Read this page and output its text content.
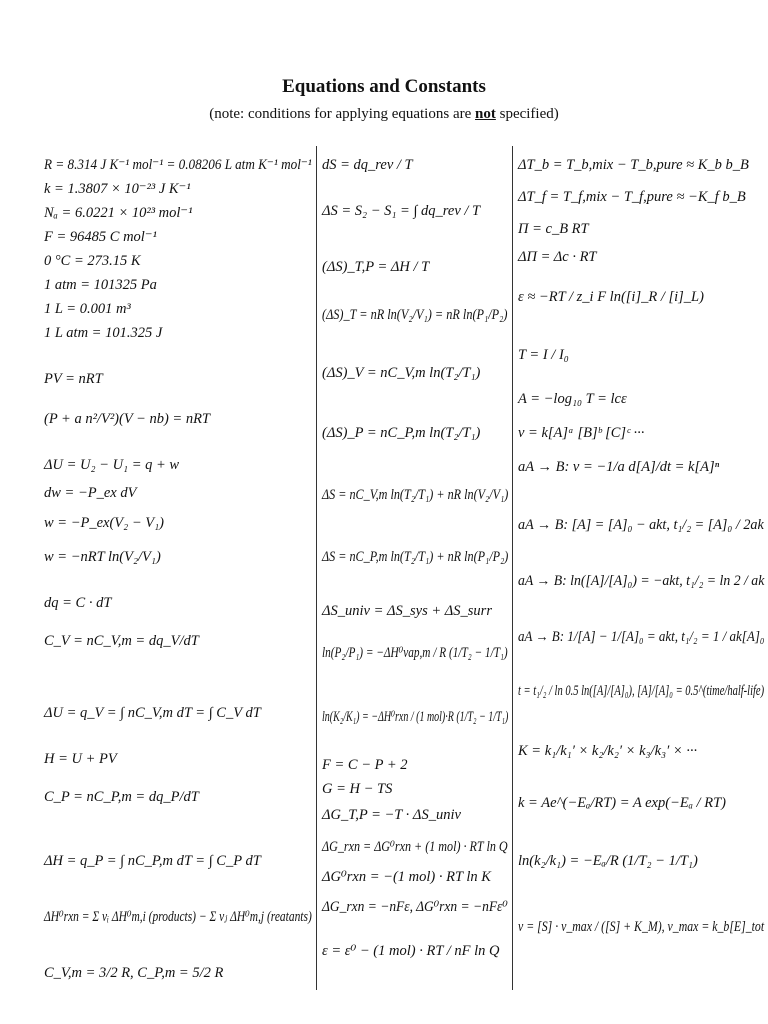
Equations and Constants
(note: conditions for applying equations are not specified)
R = 8.314 J K⁻¹ mol⁻¹ = 0.08206 L atm K⁻¹ mol⁻¹
k = 1.3807 × 10⁻²³ J K⁻¹
Nₐ = 6.0221 × 10²³ mol⁻¹
F = 96485 C mol⁻¹
0 °C = 273.15 K
1 atm = 101325 Pa
1 L = 0.001 m³
1 L atm = 101.325 J
PV = nRT
(P + a n²/V²)(V − nb) = nRT
ΔU = U₂ − U₁ = q + w
dw = −P_ex dV
w = −P_ex(V₂ − V₁)
w = −nRT ln(V₂/V₁)
dq = C · dT
C_V = nC_V,m = dq_V/dT
ΔU = q_V = ∫ nC_V,m dT = ∫ C_V dT
H = U + PV
C_P = nC_P,m = dq_P/dT
ΔH = q_P = ∫ nC_P,m dT = ∫ C_P dT
ΔH⁰rxn = Σ νᵢ ΔH⁰m,i (products) − Σ νⱼ ΔH⁰m,j (reatants)
C_V,m = 3/2 R, C_P,m = 5/2 R
dS = dq_rev / T
ΔS = S₂ − S₁ = ∫ dq_rev / T
(ΔS)_T,P = ΔH / T
(ΔS)_T = nR ln(V₂/V₁) = nR ln(P₁/P₂)
(ΔS)_V = nC_V,m ln(T₂/T₁)
(ΔS)_P = nC_P,m ln(T₂/T₁)
ΔS = nC_V,m ln(T₂/T₁) + nR ln(V₂/V₁)
ΔS = nC_P,m ln(T₂/T₁) + nR ln(P₁/P₂)
ΔS_univ = ΔS_sys + ΔS_surr
ln(P₂/P₁) = −ΔH⁰vap,m / R (1/T₂ − 1/T₁)
ln(K₂/K₁) = −ΔH⁰rxn / (1 mol)·R (1/T₂ − 1/T₁)
F = C − P + 2
G = H − TS
ΔG_T,P = −T · ΔS_univ
ΔG_rxn = ΔG⁰rxn + (1 mol) · RT ln Q
ΔG⁰rxn = −(1 mol) · RT ln K
ΔG_rxn = −nFε, ΔG⁰rxn = −nFε⁰
ε = ε⁰ − (1 mol) · RT / nF ln Q
ΔT_b = T_b,mix − T_b,pure ≈ K_b b_B
ΔT_f = T_f,mix − T_f,pure ≈ −K_f b_B
Π = c_B RT
ΔΠ = Δc · RT
ε ≈ −RT / z_i F ln([i]_R / [i]_L)
T = I / I₀
A = −log₁₀ T = lcε
ν = k[A]ᵃ [B]ᵇ [C]ᶜ ···
aA → B: ν = −1/a d[A]/dt = k[A]ⁿ
aA → B: [A] = [A]₀ − akt, t₁/₂ = [A]₀ / 2ak
aA → B: ln([A]/[A]₀) = −akt, t₁/₂ = ln 2 / ak
aA → B: 1/[A] − 1/[A]₀ = akt, t₁/₂ = 1 / ak[A]₀
t = t₁/₂ / ln 0.5 ln([A]/[A]₀), [A]/[A]₀ = 0.5^(time/half-life)
K = k₁/k₁′ × k₂/k₂′ × k₃/k₃′ × ···
k = Ae^(−Eₐ/RT) = A exp(−Eₐ / RT)
ln(k₂/k₁) = −Eₐ/R (1/T₂ − 1/T₁)
ν = [S] · ν_max / ([S] + K_M), ν_max = k_b[E]_tot
